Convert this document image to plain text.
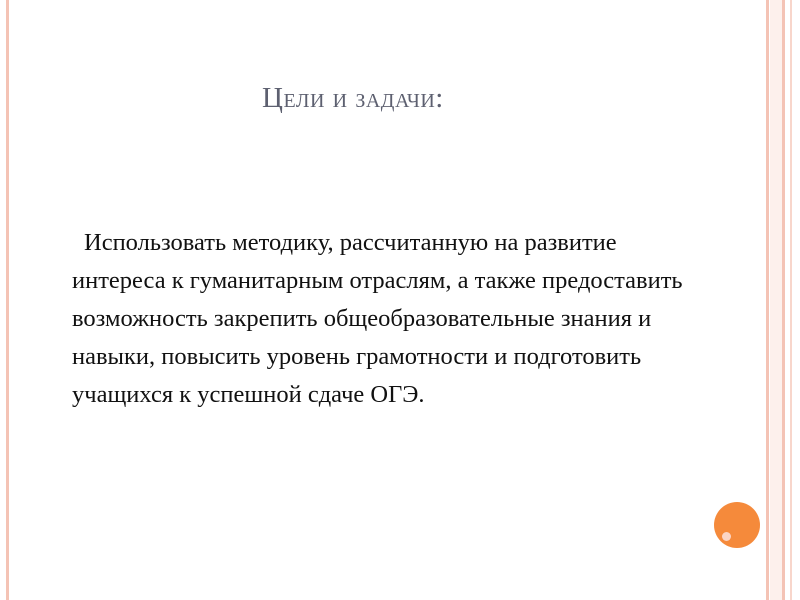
Цели и задачи:
Использовать методику, рассчитанную на развитие интереса к гуманитарным отраслям, а также предоставить возможность закрепить общеобразовательные знания и навыки, повысить уровень грамотности и подготовить учащихся к успешной сдаче ОГЭ.
